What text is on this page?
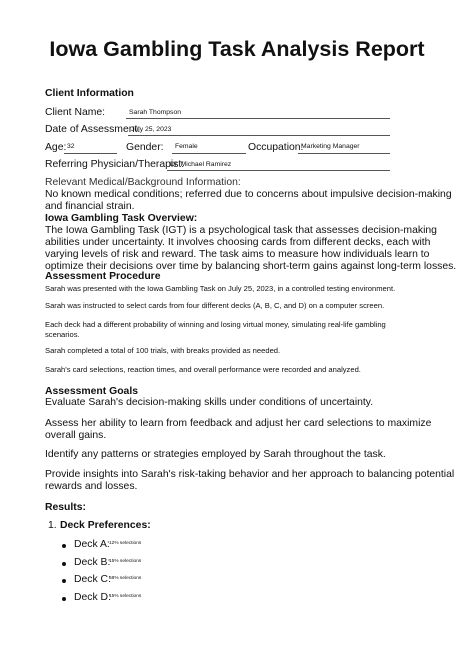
Iowa Gambling Task Analysis Report
Client Information
Client Name:	Sarah Thompson
Date of Assessment:
July 25, 2023
Age: 32	Gender: Female	Occupation:
Marketing Manager
Referring Physician/Therapist:
Dr. Michael Ramirez
Relevant Medical/Background Information:
No known medical conditions; referred due to concerns about impulsive decision-making
and financial strain.
Iowa Gambling Task Overview:
The Iowa Gambling Task (IGT) is a psychological task that assesses decision-making
abilities under uncertainty. It involves choosing cards from different decks, each with
varying levels of risk and reward. The task aims to measure how individuals learn to
optimize their decisions over time by balancing short-term gains against long-term losses.
Assessment Procedure
Sarah was presented with the Iowa Gambling Task on July 25, 2023, in a controlled testing environment.
Sarah was instructed to select cards from four different decks (A, B, C, and D) on a computer screen.
Each deck had a different probability of winning and losing virtual money, simulating real-life gambling
scenarios.
Sarah completed a total of 100 trials, with breaks provided as needed.
Sarah's card selections, reaction times, and overall performance were recorded and analyzed.
Assessment Goals
Evaluate Sarah's decision-making skills under conditions of uncertainty.
Assess her ability to learn from feedback and adjust her card selections to maximize
overall gains.
Identify any patterns or strategies employed by Sarah throughout the task.
Provide insights into Sarah's risk-taking behavior and her approach to balancing potential
rewards and losses.
Results:
1. Deck Preferences:
Deck A: 12% selections
Deck B:
15% selections
Deck C:
58% selections
Deck D:
15% selections
